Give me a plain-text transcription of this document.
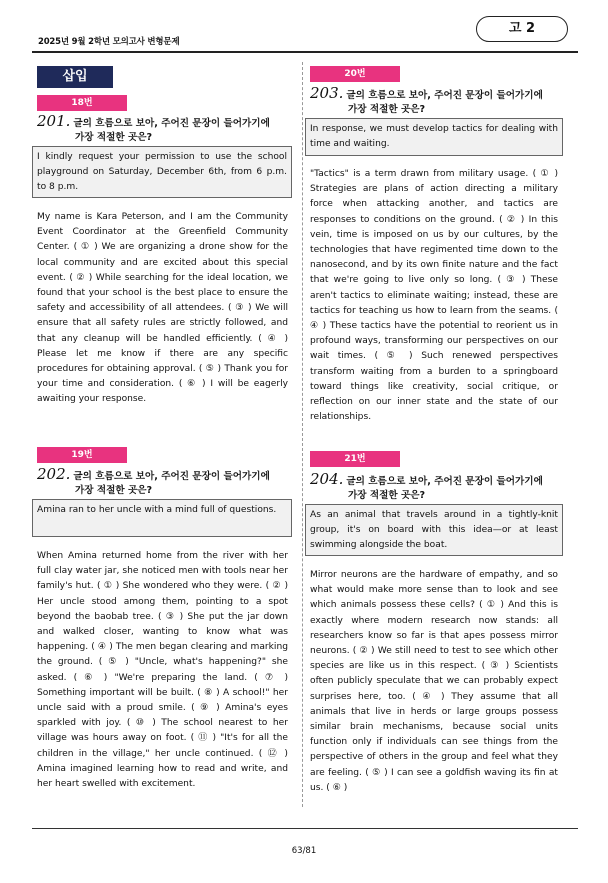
2025년 9월 2학년 모의고사 변형문제
고 2
삽입
18번
201. 글의 흐름으로 보아, 주어진 문장이 들어가기에
가장 적절한 곳은?
I kindly request your permission to use the school playground on Saturday, December 6th, from 6 p.m. to 8 p.m.
My name is Kara Peterson, and I am the Community Event Coordinator at the Greenfield Community Center. ( ① ) We are organizing a drone show for the local community and are excited about this special event. ( ② ) While searching for the ideal location, we found that your school is the best place to ensure the safety and accessibility of all attendees. ( ③ ) We will ensure that all safety rules are strictly followed, and that any cleanup will be handled efficiently. ( ④ ) Please let me know if there are any specific procedures for obtaining approval. ( ⑤ ) Thank you for your time and consideration. ( ⑥ ) I will be eagerly awaiting your response.
19번
202. 글의 흐름으로 보아, 주어진 문장이 들어가기에
가장 적절한 곳은?
Amina ran to her uncle with a mind full of questions.
When Amina returned home from the river with her full clay water jar, she noticed men with tools near her family's hut. ( ① ) She wondered who they were. ( ② ) Her uncle stood among them, pointing to a spot beyond the baobab tree. ( ③ ) She put the jar down and walked closer, wanting to know what was happening. ( ④ ) The men began clearing and marking the ground. ( ⑤ ) "Uncle, what's happening?" she asked. ( ⑥ ) "We're preparing the land. ( ⑦ ) Something important will be built. ( ⑧ ) A school!" her uncle said with a proud smile. ( ⑨ ) Amina's eyes sparkled with joy. ( ⑩ ) The school nearest to her village was hours away on foot. ( ⑪ ) "It's for all the children in the village," her uncle continued. ( ⑫ ) Amina imagined learning how to read and write, and her heart swelled with excitement.
20번
203. 글의 흐름으로 보아, 주어진 문장이 들어가기에
가장 적절한 곳은?
In response, we must develop tactics for dealing with time and waiting.
"Tactics" is a term drawn from military usage. ( ① ) Strategies are plans of action directing a military force when attacking another, and tactics are responses to conditions on the ground. ( ② ) In this vein, time is imposed on us by our cultures, by the technologies that have regimented time down to the nanosecond, and by its own finite nature and the fact that we're going to live only so long. ( ③ ) These aren't tactics to eliminate waiting; instead, these are tactics for teaching us how to learn from the seams. ( ④ ) These tactics have the potential to reorient us in profound ways, transforming our perspectives on our wait times. ( ⑤ ) Such renewed perspectives transform waiting from a burden to a springboard toward things like creativity, social critique, or reflection on our inner state and the state of our relationships.
21번
204. 글의 흐름으로 보아, 주어진 문장이 들어가기에
가장 적절한 곳은?
As an animal that travels around in a tightly-knit group, it's on board with this idea—or at least swimming alongside the boat.
Mirror neurons are the hardware of empathy, and so what would make more sense than to look and see which animals possess these cells? ( ① ) And this is exactly where modern research now stands: all researchers know so far is that apes possess mirror neurons. ( ② ) We still need to test to see which other species are like us in this respect. ( ③ ) Scientists often publicly speculate that we can probably expect surprises here, too. ( ④ ) They assume that all animals that live in herds or large groups possess similar brain mechanisms, because social units function only if individuals can see things from the perspective of others in the group and feel what they are feeling. ( ⑤ ) I can see a goldfish waving its fin at us. ( ⑥ )
63/81
